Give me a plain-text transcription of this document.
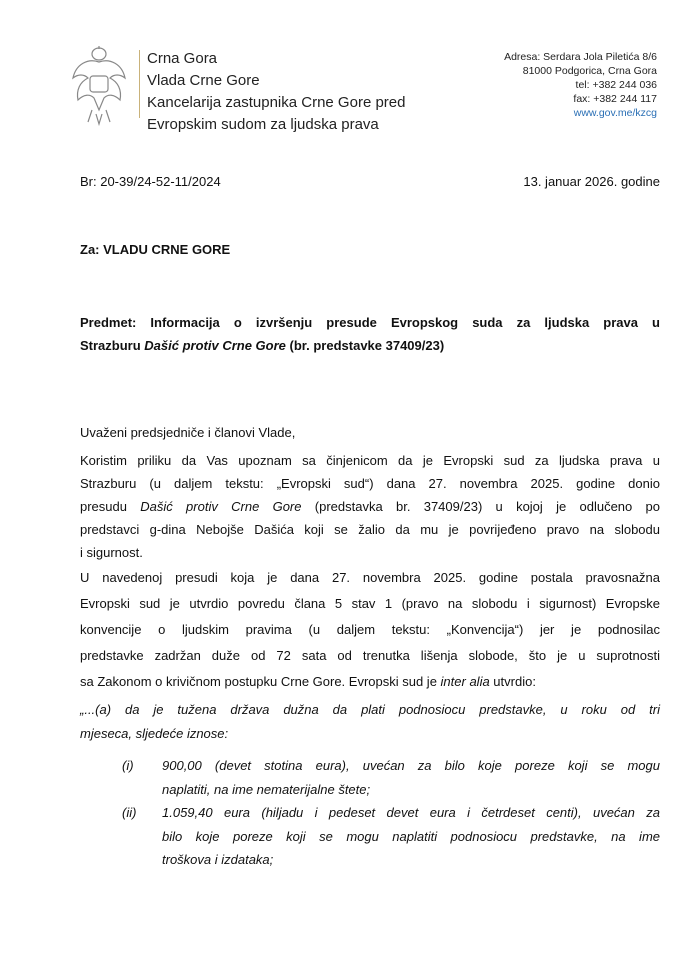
Crna Gora
Vlada Crne Gore
Kancelarija zastupnika Crne Gore pred
Evropskim sudom za ljudska prava
Adresa: Serdara Jola Piletića 8/6
81000 Podgorica, Crna Gora
tel: +382 244 036
fax: +382 244 117
www.gov.me/kzcg
Br: 20-39/24-52-11/2024	13. januar 2026. godine
Za: VLADU CRNE GORE
Predmet: Informacija o izvršenju presude Evropskog suda za ljudska prava u
Strazburu Dašić protiv Crne Gore (br. predstavke 37409/23)
Uvaženi predsjedniče i članovi Vlade,
Koristim priliku da Vas upoznam sa činjenicom da je Evropski sud za ljudska prava u
Strazburu (u daljem tekstu: „Evropski sud“) dana 27. novembra 2025. godine donio
presudu Dašić protiv Crne Gore (predstavka br. 37409/23) u kojoj je odlučeno po
predstavci g-dina Nebojše Dašića koji se žalio da mu je povrijeđeno pravo na slobodu
i sigurnost.
U navedenoj presudi koja je dana 27. novembra 2025. godine postala pravosnažna
Evropski sud je utvrdio povredu člana 5 stav 1 (pravo na slobodu i sigurnost) Evropske
konvencije o ljudskim pravima (u daljem tekstu: „Konvencija“) jer je podnosilac
predstavke zadržan duže od 72 sata od trenutka lišenja slobode, što je u suprotnosti
sa Zakonom o krivičnom postupku Crne Gore. Evropski sud je inter alia utvrdio:
„...(a) da je tužena država dužna da plati podnosiocu predstavke, u roku od tri
mjeseca, sljedeće iznose:
(i) 900,00 (devet stotina eura), uvećan za bilo koje poreze koji se mogu
naplatiti, na ime nematerijalne štete;
(ii) 1.059,40 eura (hiljadu i pedeset devet eura i četrdeset centi), uvećan za
bilo koje poreze koji se mogu naplatiti podnosiocu predstavke, na ime
troškova i izdataka;
